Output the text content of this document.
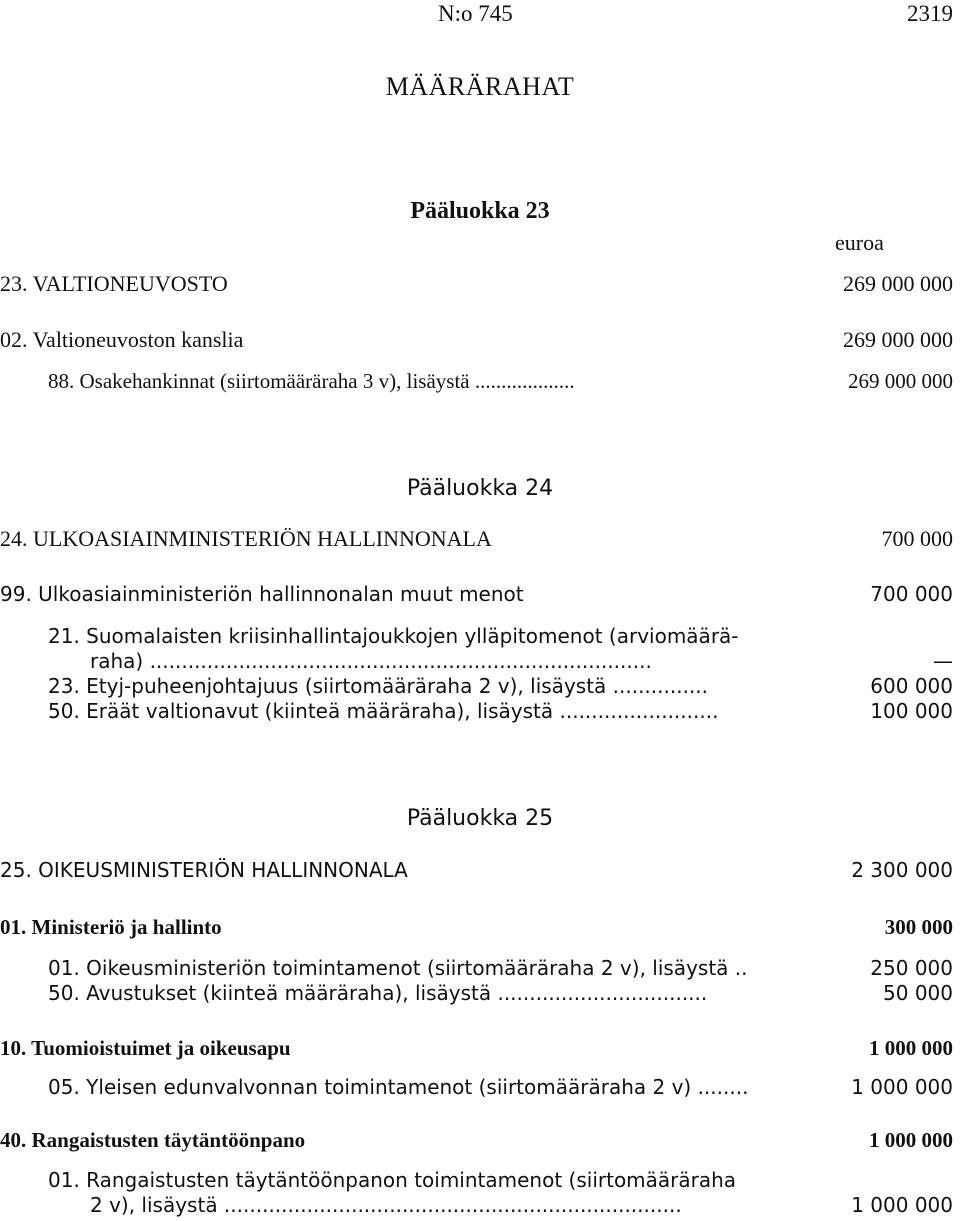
N:o 745	2319
MÄÄRÄRAHAT
Pääluokka 23
euroa
23. VALTIONEUVOSTO	269 000 000
02. Valtioneuvoston kanslia	269 000 000
88. Osakehankinnat (siirtomääräraha 3 v), lisäystä ...................	269 000 000
Pääluokka 24
24. ULKOASIAINMINISTERIÖN HALLINNONALA	700 000
99. Ulkoasiainministeriön hallinnonalan muut menot	700 000
21. Suomalaisten kriisinhallintajoukkojen ylläpitomenot (arviomäärä-
raha) ...............................................................................	—
23. Etyj-puheenjohtajuus (siirtomääräraha 2 v), lisäystä ...............	600 000
50. Eräät valtionavut (kiinteä määräraha), lisäystä .........................	100 000
Pääluokka 25
25. OIKEUSMINISTERIÖN HALLINNONALA	2 300 000
01. Ministeriö ja hallinto	300 000
01. Oikeusministeriön toimintamenot (siirtomääräraha 2 v), lisäystä ..	250 000
50. Avustukset (kiinteä määräraha), lisäystä .................................	50 000
10. Tuomioistuimet ja oikeusapu	1 000 000
05. Yleisen edunvalvonnan toimintamenot (siirtomääräraha 2 v) ........	1 000 000
40. Rangaistusten täytäntöönpano	1 000 000
01. Rangaistusten täytäntöönpanon toimintamenot (siirtomääräraha
2 v), lisäystä ........................................................................	1 000 000
